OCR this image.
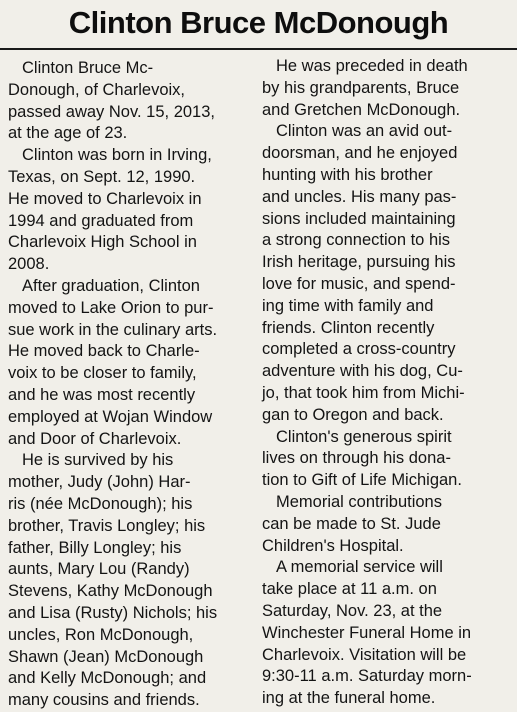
Clinton Bruce McDonough

Clinton Bruce Mc-
Donough, of Charlevoix,
passed away Nov. 15, 2013,
at the age of 23.

Clinton was born in Irving,
Texas, on Sept. 12, 1990.
He moved to Charlevoix in
1994 and graduated from
Charlevoix High School in
2008.

After graduation, Clinton
moved to Lake Orion to pur-
sue work in the culinary arts.
He moved back to Charle-
voix to be closer to family,
and he was most recently
employed at Wojan Window
and Door of Charlevoix.

He is survived by his
mother, Judy (John) Har-
ris (née McDonough); his
brother, Travis Longley; his
father, Billy Longley; his
aunts, Mary Lou (Randy)
Stevens, Kathy McDonough
and Lisa (Rusty) Nichols; his
uncles, Ron McDonough,
Shawn (Jean) McDonough
and Kelly McDonough; and
many cousins and friends.

He was preceded in death
by his grandparents, Bruce
and Gretchen McDonough.

Clinton was an avid out-
doorsman, and he enjoyed
hunting with his brother
and uncles. His many pas-
sions included maintaining
a strong connection to his
Irish heritage, pursuing his
love for music, and spend-
ing time with family and
friends. Clinton recently
completed a cross-country
adventure with his dog, Cu-
jo, that took him from Michi-
gan to Oregon and back.

Clinton's generous spirit
lives on through his dona-
tion to Gift of Life Michigan.

Memorial contributions
can be made to St. Jude
Children's Hospital.

A memorial service will
take place at 11 a.m. on
Saturday, Nov. 23, at the
Winchester Funeral Home in
Charlevoix. Visitation will be
9:30-11 a.m. Saturday morn-
ing at the funeral home.
